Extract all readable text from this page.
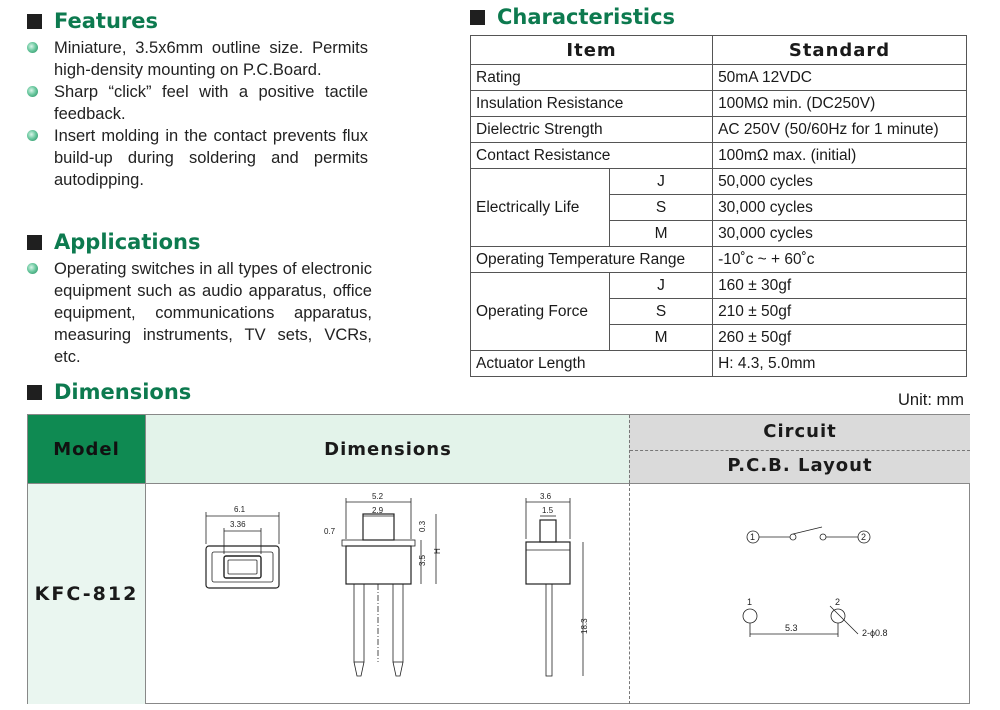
Features
Miniature, 3.5x6mm outline size. Permits high-density mounting on P.C.Board.
Sharp “click” feel with a positive tactile feedback.
Insert molding in the contact prevents flux build-up during soldering and permits autodipping.
Applications
Operating switches in all types of electronic equipment such as audio apparatus, office equipment, communications apparatus, measuring instruments, TV sets, VCRs, etc.
Characteristics
Item		Standard
Rating		50mA 12VDC
Insulation Resistance		100MΩ min. (DC250V)
Dielectric Strength		AC 250V (50/60Hz for 1 minute)
Contact Resistance		100mΩ max. (initial)
Electrically Life	J	50,000 cycles
	S	30,000 cycles
	M	30,000 cycles
Operating Temperature Range		-10˚c ~ + 60˚c
Operating Force	J	160 ± 30gf
	S	210 ± 50gf
	M	260 ± 50gf
Actuator Length		H: 4.3, 5.0mm
Dimensions	Unit: mm
Model	Dimensions
Circuit
P.C.B. Layout
KFC-812
6.1
3.36
5.2
2.9
0.7
3.5
H
0.3
3.6
1.5
18.3
1	2
1	2
5.3	2-ϕ0.8
